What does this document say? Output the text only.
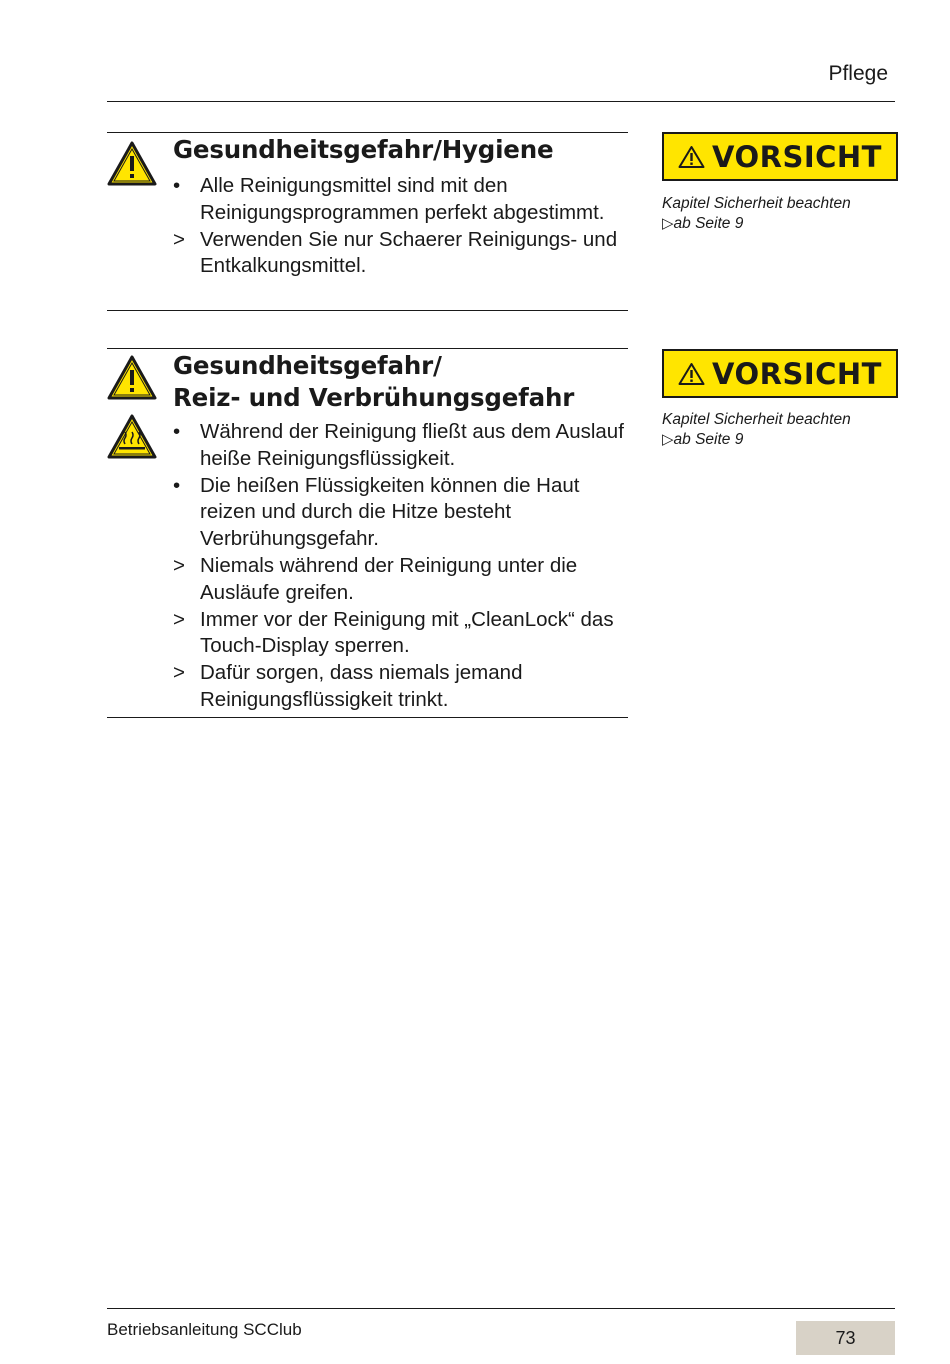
Pflege
Gesundheitsgefahr/Hygiene
• Alle Reinigungsmittel sind mit den Reinigungsprogrammen perfekt abgestimmt.
> Verwenden Sie nur Schaerer Reinigungs- und Entkalkungsmittel.
VORSICHT
Kapitel Sicherheit beachten
▷ab Seite 9
Gesundheitsgefahr/
Reiz- und Verbrühungsgefahr
• Während der Reinigung fließt aus dem Auslauf heiße Reinigungsflüssigkeit.
• Die heißen Flüssigkeiten können die Haut reizen und durch die Hitze besteht Verbrühungsgefahr.
> Niemals während der Reinigung unter die Ausläufe greifen.
> Immer vor der Reinigung mit „CleanLock“ das Touch-Display sperren.
> Dafür sorgen, dass niemals jemand Reinigungsflüssigkeit trinkt.
VORSICHT
Kapitel Sicherheit beachten
▷ab Seite 9
Betriebsanleitung SCClub	73
